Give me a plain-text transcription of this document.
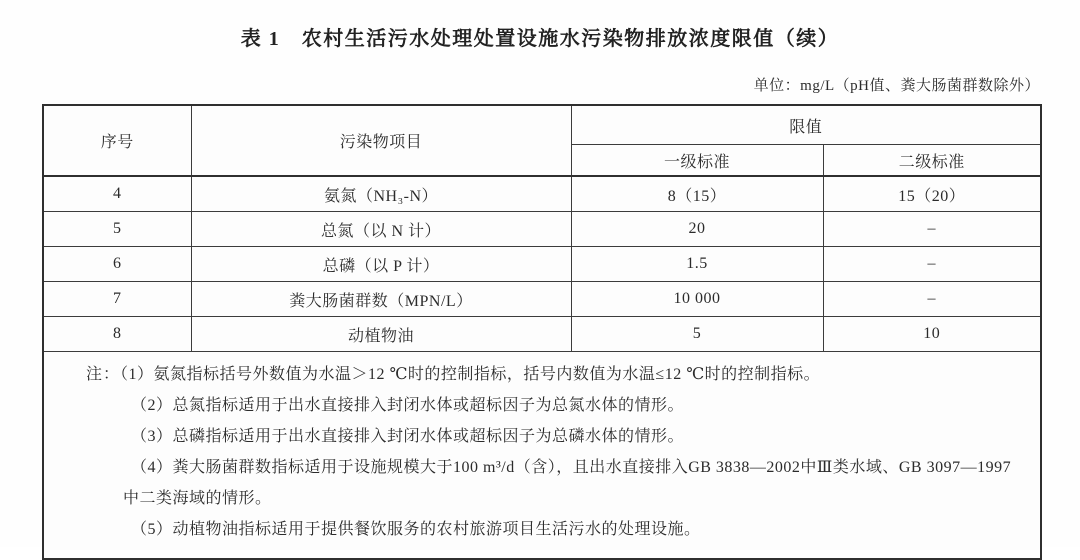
表 1　农村生活污水处理处置设施水污染物排放浓度限值（续）
单位：mg/L（pH值、粪大肠菌群数除外）
序号	污染物项目	限值	
		一级标准	二级标准
4	氨氮（NH₃-N）	8（15）	15（20）
5	总氮（以 N 计）	20	–
6	总磷（以 P 计）	1.5	–
7	粪大肠菌群数（MPN/L）	10 000	–
8	动植物油	5	10

注：（1）氨氮指标括号外数值为水温＞12 ℃时的控制指标，括号内数值为水温≤12 ℃时的控制指标。
（2）总氮指标适用于出水直接排入封闭水体或超标因子为总氮水体的情形。
（3）总磷指标适用于出水直接排入封闭水体或超标因子为总磷水体的情形。
（4）粪大肠菌群数指标适用于设施规模大于100 m³/d（含），且出水直接排入GB 3838—2002中Ⅲ类水域、GB 3097—1997中二类海域的情形。
（5）动植物油指标适用于提供餐饮服务的农村旅游项目生活污水的处理设施。			
